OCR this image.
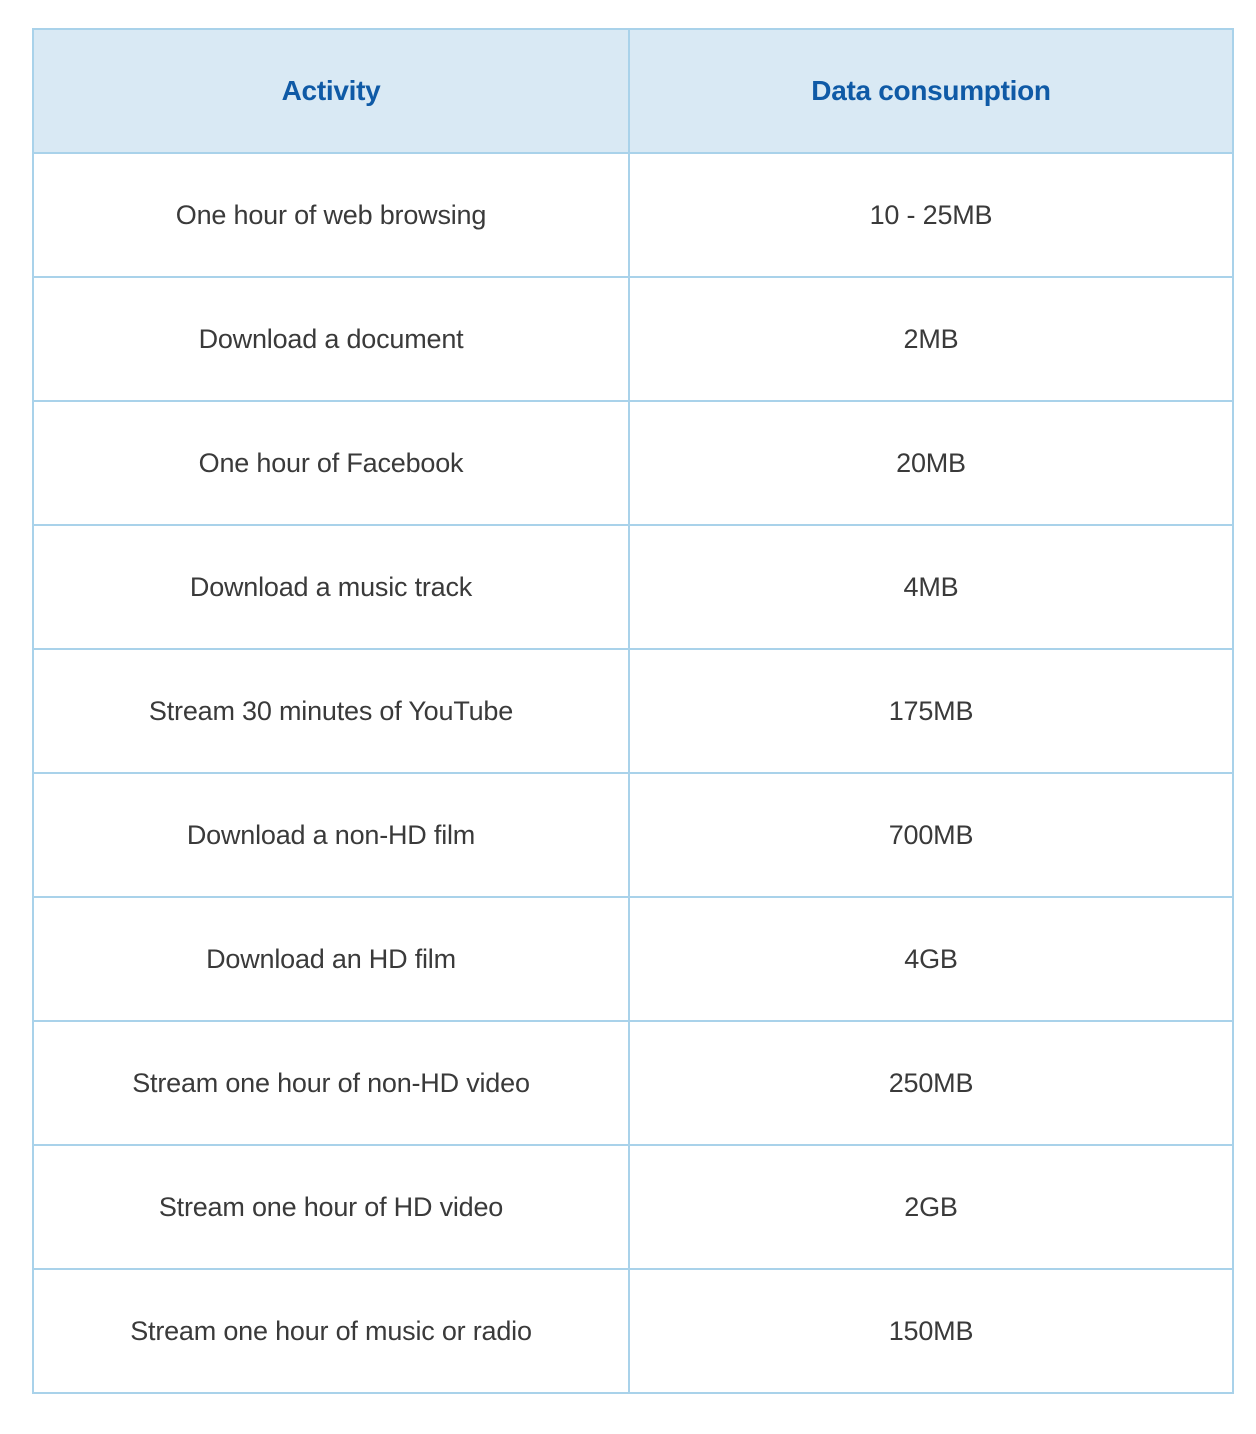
Activity	Data consumption
One hour of web browsing	10 - 25MB
Download a document	2MB
One hour of Facebook	20MB
Download a music track	4MB
Stream 30 minutes of YouTube	175MB
Download a non-HD film	700MB
Download an HD film	4GB
Stream one hour of non-HD video	250MB
Stream one hour of HD video	2GB
Stream one hour of music or radio	150MB
